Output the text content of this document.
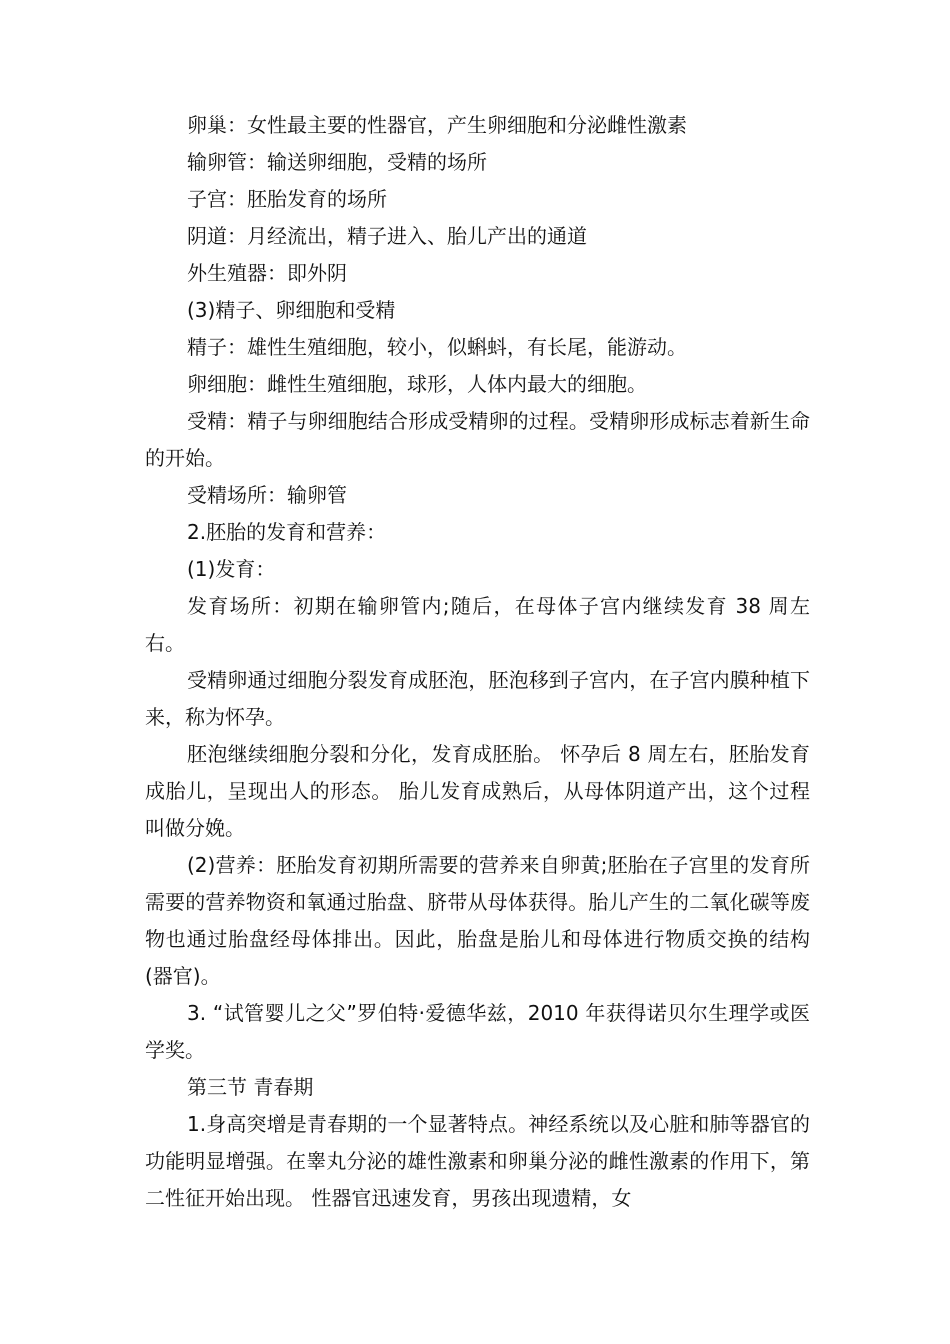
卵巢：女性最主要的性器官，产生卵细胞和分泌雌性激素

输卵管：输送卵细胞，受精的场所

子宫：胚胎发育的场所

阴道：月经流出，精子进入、胎儿产出的通道

外生殖器：即外阴

(3)精子、卵细胞和受精

精子：雄性生殖细胞，较小，似蝌蚪，有长尾，能游动。

卵细胞：雌性生殖细胞，球形，人体内最大的细胞。

受精：精子与卵细胞结合形成受精卵的过程。受精卵形成标志着新生命的开始。

受精场所：输卵管

2.胚胎的发育和营养：

(1)发育：

发育场所：初期在输卵管内;随后，在母体子宫内继续发育 38 周左右。

受精卵通过细胞分裂发育成胚泡，胚泡移到子宫内，在子宫内膜种植下来，称为怀孕。

胚泡继续细胞分裂和分化，发育成胚胎。 怀孕后 8 周左右，胚胎发育成胎儿，呈现出人的形态。 胎儿发育成熟后，从母体阴道产出，这个过程叫做分娩。

(2)营养：胚胎发育初期所需要的营养来自卵黄;胚胎在子宫里的发育所需要的营养物资和氧通过胎盘、脐带从母体获得。胎儿产生的二氧化碳等废物也通过胎盘经母体排出。因此，胎盘是胎儿和母体进行物质交换的结构(器官)。

3. “试管婴儿之父”罗伯特·爱德华兹，2010 年获得诺贝尔生理学或医学奖。

第三节 青春期

1.身高突增是青春期的一个显著特点。神经系统以及心脏和肺等器官的功能明显增强。在睾丸分泌的雄性激素和卵巢分泌的雌性激素的作用下，第二性征开始出现。 性器官迅速发育，男孩出现遗精，女
